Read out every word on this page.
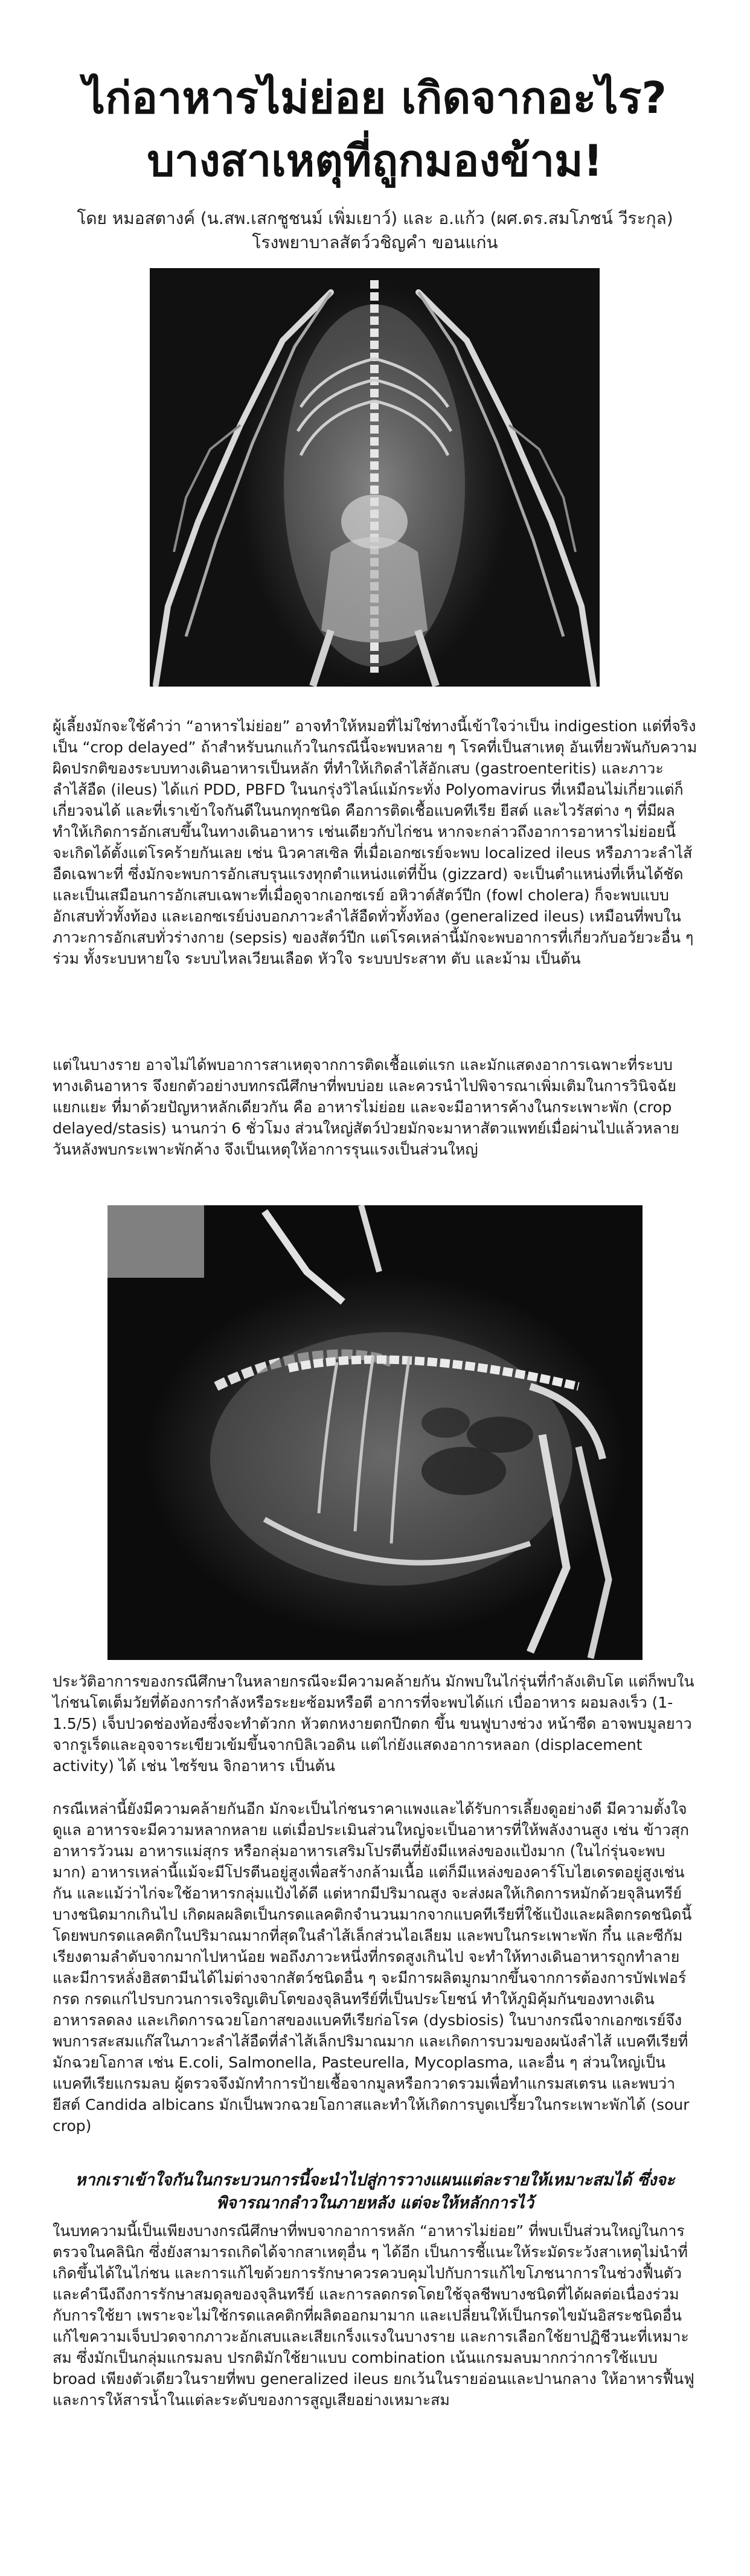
ไก่อาหารไม่ย่อย เกิดจากอะไร?
บางสาเหตุที่ถูกมองข้าม!

โดย หมอสตางค์ (น.สพ.เสกชูชนม์ เพิ่มเยาว์) และ อ.แก้ว (ผศ.ดร.สมโภชน์ วีระกุล)

โรงพยาบาลสัตว์วชิญคำ ขอนแก่น

ผู้เลี้ยงมักจะใช้คำว่า “อาหารไม่ย่อย” อาจทำให้หมอที่ไม่ใช่ทางนี้เข้าใจว่าเป็น indigestion แต่ที่จริงเป็น “crop delayed” ถ้าสำหรับนกแก้วในกรณีนี้จะพบหลาย ๆ โรคที่เป็นสาเหตุ อันเที่ยวพันกับความผิดปรกติของระบบทางเดินอาหารเป็นหลัก ที่ทำให้เกิดลำไส้อักเสบ (gastroenteritis) และภาวะลำไส้อืด (ileus) ได้แก่ PDD, PBFD ในนกรุ่งวิไลน์แม้กระทั่ง Polyomavirus ที่เหมือนไม่เกี่ยวแต่ก็เกี่ยวจนได้ และที่เราเข้าใจกันดีในนกทุกชนิด คือการติดเชื้อแบคทีเรีย ยีสต์ และไวรัสต่าง ๆ ที่มีผลทำให้เกิดการอักเสบขึ้นในทางเดินอาหาร เช่นเดียวกับไก่ชน หากจะกล่าวถึงอาการอาหารไม่ย่อยนี้ จะเกิดได้ตั้งแต่โรคร้ายกันเลย เช่น นิวคาสเซิล ที่เมื่อเอกซเรย์จะพบ localized ileus หรือภาวะลำไส้อืดเฉพาะที่ ซึ่งมักจะพบการอักเสบรุนแรงทุกตำแหน่งแต่ที่ปั้น (gizzard) จะเป็นตำแหน่งที่เห็นได้ชัด และเป็นเสมือนการอักเสบเฉพาะที่เมื่อดูจากเอกซเรย์ อหิวาต์สัตว์ปีก (fowl cholera) ก็จะพบแบบอักเสบทั่วทั้งท้อง และเอกซเรย์บ่งบอกภาวะลำไส้อืดทั่วทั้งท้อง (generalized ileus) เหมือนที่พบในภาวะการอักเสบทั่วร่างกาย (sepsis) ของสัตว์ปีก แต่โรคเหล่านี้มักจะพบอาการที่เกี่ยวกับอวัยวะอื่น ๆ ร่วม ทั้งระบบหายใจ ระบบไหลเวียนเลือด หัวใจ ระบบประสาท ตับ และม้าม เป็นต้น

แต่ในบางราย อาจไม่ได้พบอาการสาเหตุจากการติดเชื้อแต่แรก และมักแสดงอาการเฉพาะที่ระบบทางเดินอาหาร จึงยกตัวอย่างบทกรณีศึกษาที่พบบ่อย และควรนำไปพิจารณาเพิ่มเติมในการวินิจฉัยแยกแยะ ที่มาด้วยปัญหาหลักเดียวกัน คือ อาหารไม่ย่อย และจะมีอาหารค้างในกระเพาะพัก (crop delayed/stasis) นานกว่า 6 ชั่วโมง ส่วนใหญ่สัตว์ป่วยมักจะมาหาสัตวแพทย์เมื่อผ่านไปแล้วหลายวันหลังพบกระเพาะพักค้าง จึงเป็นเหตุให้อาการรุนแรงเป็นส่วนใหญ่

ประวัติอาการของกรณีศึกษาในหลายกรณีจะมีความคล้ายกัน มักพบในไก่รุ่นที่กำลังเติบโต แต่ก็พบในไก่ชนโตเต็มวัยที่ต้องการกำลังหรือระยะซ้อมหรือตี อาการที่จะพบได้แก่ เบื่ออาหาร ผอมลงเร็ว (1-1.5/5) เจ็บปวดช่องท้องซึ่งจะทำตัวกก หัวตกหงายตกปีกตก ขึ้น ขนฟูบางช่วง หน้าซีด อาจพบมูลยาวจากรูเร็ดและอุจจาระเขียวเข้มขึ้นจากบิลิเวอดิน แต่ไก่ยังแสดงอาการหลอก (displacement activity) ได้ เช่น ไซร้ขน จิกอาหาร เป็นต้น

กรณีเหล่านี้ยังมีความคล้ายกันอีก มักจะเป็นไก่ชนราคาแพงและได้รับการเลี้ยงดูอย่างดี มีความตั้งใจดูแล อาหารจะมีความหลากหลาย แต่เมื่อประเมินส่วนใหญ่จะเป็นอาหารที่ให้พลังงานสูง เช่น ข้าวสุก อาหารวัวนม อาหารแม่สุกร หรือกลุ่มอาหารเสริมโปรตีนที่ยังมีแหล่งของแป้งมาก (ในไก่รุ่นจะพบมาก) อาหารเหล่านี้แม้จะมีโปรตีนอยู่สูงเพื่อสร้างกล้ามเนื้อ แต่ก็มีแหล่งของคาร์โบไฮเดรตอยู่สูงเช่นกัน และแม้ว่าไก่จะใช้อาหารกลุ่มแป้งได้ดี แต่หากมีปริมาณสูง จะส่งผลให้เกิดการหมักด้วยจุลินทรีย์บางชนิดมากเกินไป เกิดผลผลิตเป็นกรดแลคติกจำนวนมากจากแบคทีเรียที่ใช้แป้งและผลิตกรดชนิดนี้ โดยพบกรดแลคติกในปริมาณมากที่สุดในลำไส้เล็กส่วนไอเลียม และพบในกระเพาะพัก กึ๋น และซีกัม เรียงตามลำดับจากมากไปหาน้อย พอถึงภาวะหนึ่งที่กรดสูงเกินไป จะทำให้ทางเดินอาหารถูกทำลายและมีการหลั่งฮิสตามีนได้ไม่ต่างจากสัตว์ชนิดอื่น ๆ จะมีการผลิตมูกมากขึ้นจากการต้องการบัฟเฟอร์กรด กรดแก่ไปรบกวนการเจริญเติบโตของจุลินทรีย์ที่เป็นประโยชน์ ทำให้ภูมิคุ้มกันของทางเดินอาหารลดลง และเกิดการฉวยโอกาสของแบคทีเรียก่อโรค (dysbiosis) ในบางกรณีจากเอกซเรย์จึงพบการสะสมแก๊สในภาวะลำไส้อืดที่ลำไส้เล็กปริมาณมาก และเกิดการบวมของผนังลำไส้ แบคทีเรียที่มักฉวยโอกาส เช่น E.coli, Salmonella, Pasteurella, Mycoplasma, และอื่น ๆ ส่วนใหญ่เป็นแบคทีเรียแกรมลบ ผู้ตรวจจึงมักทำการป้ายเชื้อจากมูลหรือกวาดรวมเพื่อทำแกรมสเตรน และพบว่ายีสต์ Candida albicans มักเป็นพวกฉวยโอกาสและทำให้เกิดการบูดเปรี้ยวในกระเพาะพักได้ (sour crop)

หากเราเข้าใจกันในกระบวนการนี้จะนำไปสู่การวางแผนแต่ละรายให้เหมาะสมได้ ซึ่งจะพิจารณากลำวในภายหลัง แต่จะให้หลักการไว้

ในบทความนี้เป็นเพียงบางกรณีศึกษาที่พบจากอาการหลัก “อาหารไม่ย่อย” ที่พบเป็นส่วนใหญ่ในการตรวจในคลินิก ซึ่งยังสามารถเกิดได้จากสาเหตุอื่น ๆ ได้อีก เป็นการชี้แนะให้ระมัดระวังสาเหตุไม่นำที่เกิดขึ้นได้ในไก่ชน และการแก้ไขด้วยการรักษาควรควบคุมไปกับการแก้ไขโภชนาการในช่วงฟื้นตัวและคำนึงถึงการรักษาสมดุลของจุลินทรีย์ และการลดกรดโดยใช้จุลชีพบางชนิดที่ได้ผลต่อเนื่องร่วมกับการใช้ยา เพราะจะไม่ใช้กรดแลคติกที่ผลิตออกมามาก และเปลี่ยนให้เป็นกรดไขมันอิสระชนิดอื่น แก้ไขความเจ็บปวดจากภาวะอักเสบและเสียเกร็งแรงในบางราย และการเลือกใช้ยาปฏิชีวนะที่เหมาะสม ซึ่งมักเป็นกลุ่มแกรมลบ ปรกติมักใช้ยาแบบ combination เน้นแกรมลบมากกว่าการใช้แบบ broad เพียงตัวเดียวในรายที่พบ generalized ileus ยกเว้นในรายอ่อนและปานกลาง ให้อาหารฟื้นฟู และการให้สารน้ำในแต่ละระดับของการสูญเสียอย่างเหมาะสม
